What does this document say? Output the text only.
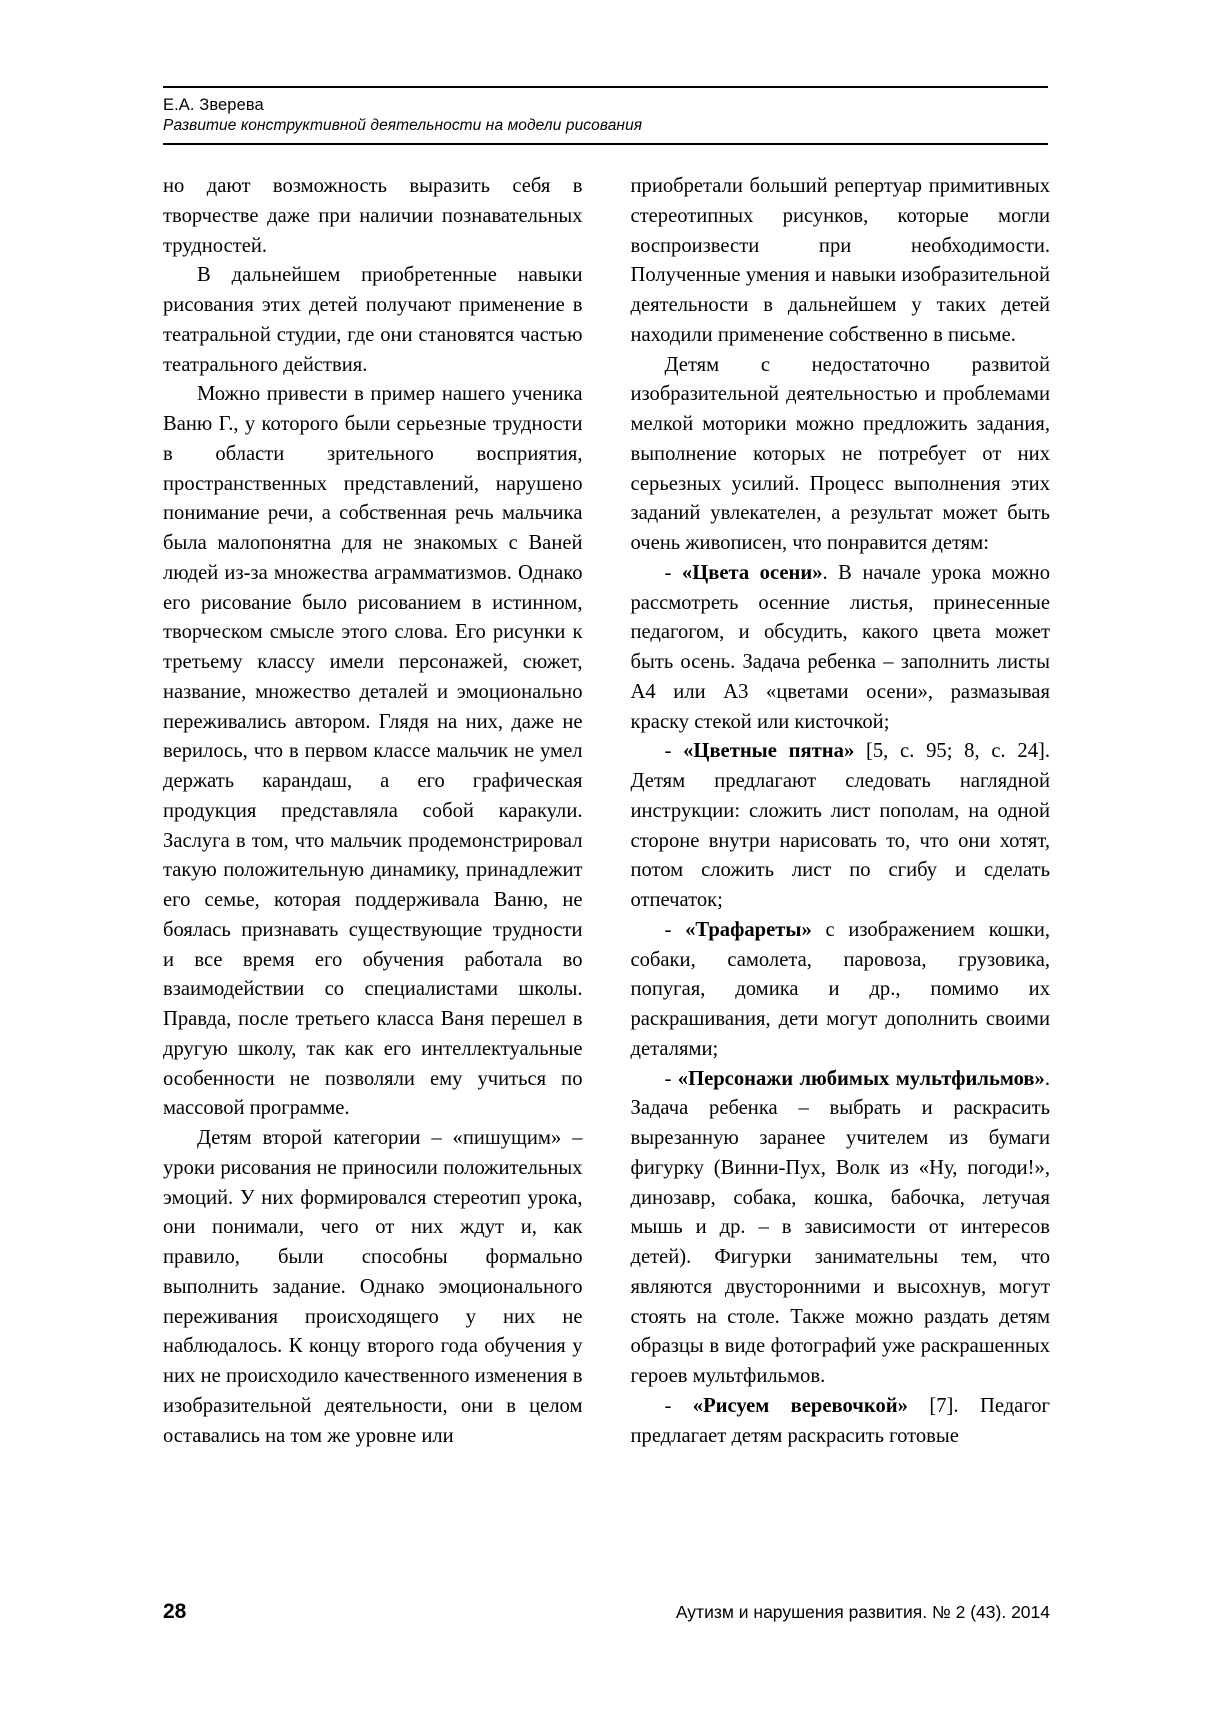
Е.А. Зверева
Развитие конструктивной деятельности на модели рисования

но дают возможность выразить себя в творчестве даже при наличии познавательных трудностей.

В дальнейшем приобретенные навыки рисования этих детей получают применение в театральной студии, где они становятся частью театрального действия.

Можно привести в пример нашего ученика Ваню Г., у которого были серьезные трудности в области зрительного восприятия, пространственных представлений, нарушено понимание речи, а собственная речь мальчика была малопонятна для не знакомых с Ваней людей из-за множества аграмматизмов. Однако его рисование было рисованием в истинном, творческом смысле этого слова. Его рисунки к третьему классу имели персонажей, сюжет, название, множество деталей и эмоционально переживались автором. Глядя на них, даже не верилось, что в первом классе мальчик не умел держать карандаш, а его графическая продукция представляла собой каракули. Заслуга в том, что мальчик продемонстрировал такую положительную динамику, принадлежит его семье, которая поддерживала Ваню, не боялась признавать существующие трудности и все время его обучения работала во взаимодействии со специалистами школы. Правда, после третьего класса Ваня перешел в другую школу, так как его интеллектуальные особенности не позволяли ему учиться по массовой программе.

Детям второй категории – «пишущим» – уроки рисования не приносили положительных эмоций. У них формировался стереотип урока, они понимали, чего от них ждут и, как правило, были способны формально выполнить задание. Однако эмоционального переживания происходящего у них не наблюдалось. К концу второго года обучения у них не происходило качественного изменения в изобразительной деятельности, они в целом оставались на том же уровне или

приобретали больший репертуар примитивных стереотипных рисунков, которые могли воспроизвести при необходимости. Полученные умения и навыки изобразительной деятельности в дальнейшем у таких детей находили применение собственно в письме.

Детям с недостаточно развитой изобразительной деятельностью и проблемами мелкой моторики можно предложить задания, выполнение которых не потребует от них серьезных усилий. Процесс выполнения этих заданий увлекателен, а результат может быть очень живописен, что понравится детям:

- «Цвета осени». В начале урока можно рассмотреть осенние листья, принесенные педагогом, и обсудить, какого цвета может быть осень. Задача ребенка – заполнить листы А4 или А3 «цветами осени», размазывая краску стекой или кисточкой;

- «Цветные пятна» [5, с. 95; 8, с. 24]. Детям предлагают следовать наглядной инструкции: сложить лист пополам, на одной стороне внутри нарисовать то, что они хотят, потом сложить лист по сгибу и сделать отпечаток;

- «Трафареты» с изображением кошки, собаки, самолета, паровоза, грузовика, попугая, домика и др., помимо их раскрашивания, дети могут дополнить своими деталями;

- «Персонажи любимых мультфильмов». Задача ребенка – выбрать и раскрасить вырезанную заранее учителем из бумаги фигурку (Винни-Пух, Волк из «Ну, погоди!», динозавр, собака, кошка, бабочка, летучая мышь и др. – в зависимости от интересов детей). Фигурки занимательны тем, что являются двусторонними и высохнув, могут стоять на столе. Также можно раздать детям образцы в виде фотографий уже раскрашенных героев мультфильмов.

- «Рисуем веревочкой» [7]. Педагог предлагает детям раскрасить готовые

28	Аутизм и нарушения развития. № 2 (43). 2014
